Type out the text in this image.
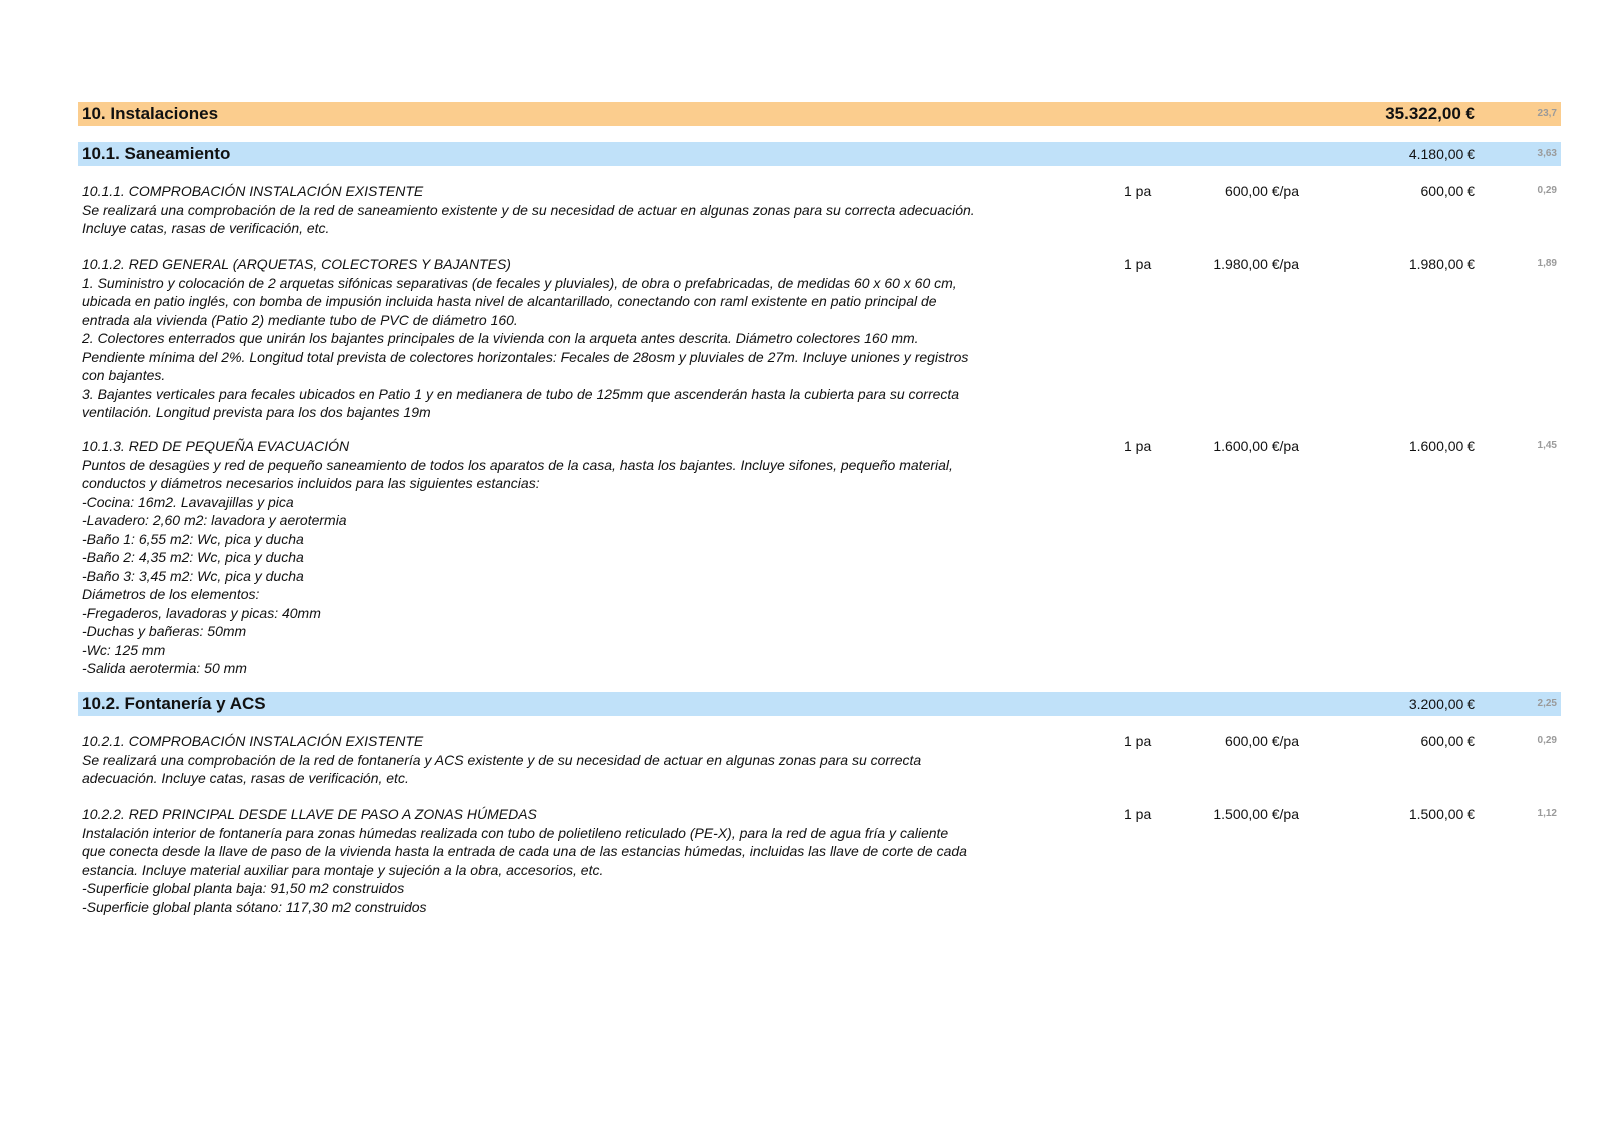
10. Instalaciones	35.322,00 €	23,7
10.1. Saneamiento	4.180,00 €	3,63

10.1.1. COMPROBACIÓN INSTALACIÓN EXISTENTE
Se realizará una comprobación de la red de saneamiento existente y de su necesidad de actuar en algunas zonas para su correcta adecuación.
Incluye catas, rasas de verificación, etc.

1 pa	600,00 €/pa	600,00 €	0,29

10.1.2. RED GENERAL (ARQUETAS, COLECTORES Y BAJANTES)
1. Suministro y colocación de 2 arquetas sifónicas separativas (de fecales y pluviales), de obra o prefabricadas, de medidas 60 x 60 x 60 cm,
ubicada en patio inglés, con bomba de impusión incluida hasta nivel de alcantarillado, conectando con raml existente en patio principal de
entrada ala vivienda (Patio 2) mediante tubo de PVC de diámetro 160.
2. Colectores enterrados que unirán los bajantes principales de la vivienda con la arqueta antes descrita. Diámetro colectores 160 mm.
Pendiente mínima del 2%. Longitud total prevista de colectores horizontales: Fecales de 28osm y pluviales de 27m. Incluye uniones y registros
con bajantes.
3. Bajantes verticales para fecales ubicados en Patio 1 y en medianera de tubo de 125mm que ascenderán hasta la cubierta para su correcta
ventilación. Longitud prevista para los dos bajantes 19m

1 pa	1.980,00 €/pa	1.980,00 €	1,89

10.1.3. RED DE PEQUEÑA EVACUACIÓN
Puntos de desagües y red de pequeño saneamiento de todos los aparatos de la casa, hasta los bajantes. Incluye sifones, pequeño material,
conductos y diámetros necesarios incluidos para las siguientes estancias:
-Cocina: 16m2. Lavavajillas y pica
-Lavadero: 2,60 m2: lavadora y aerotermia
-Baño 1: 6,55 m2: Wc, pica y ducha
-Baño 2: 4,35 m2: Wc, pica y ducha
-Baño 3: 3,45 m2: Wc, pica y ducha
Diámetros de los elementos:
-Fregaderos, lavadoras y picas: 40mm
-Duchas y bañeras: 50mm
-Wc: 125 mm
-Salida aerotermia: 50 mm

1 pa	1.600,00 €/pa	1.600,00 €	1,45
10.2. Fontanería y ACS	3.200,00 €	2,25

10.2.1. COMPROBACIÓN INSTALACIÓN EXISTENTE
Se realizará una comprobación de la red de fontanería y ACS existente y de su necesidad de actuar en algunas zonas para su correcta
adecuación. Incluye catas, rasas de verificación, etc.

1 pa	600,00 €/pa	600,00 €	0,29

10.2.2. RED PRINCIPAL DESDE LLAVE DE PASO A ZONAS HÚMEDAS
Instalación interior de fontanería para zonas húmedas realizada con tubo de polietileno reticulado (PE-X), para la red de agua fría y caliente
que conecta desde la llave de paso de la vivienda hasta la entrada de cada una de las estancias húmedas, incluidas las llave de corte de cada
estancia. Incluye material auxiliar para montaje y sujeción a la obra, accesorios, etc.
-Superficie global planta baja: 91,50 m2 construidos
-Superficie global planta sótano: 117,30 m2 construidos

1 pa	1.500,00 €/pa	1.500,00 €	1,12
